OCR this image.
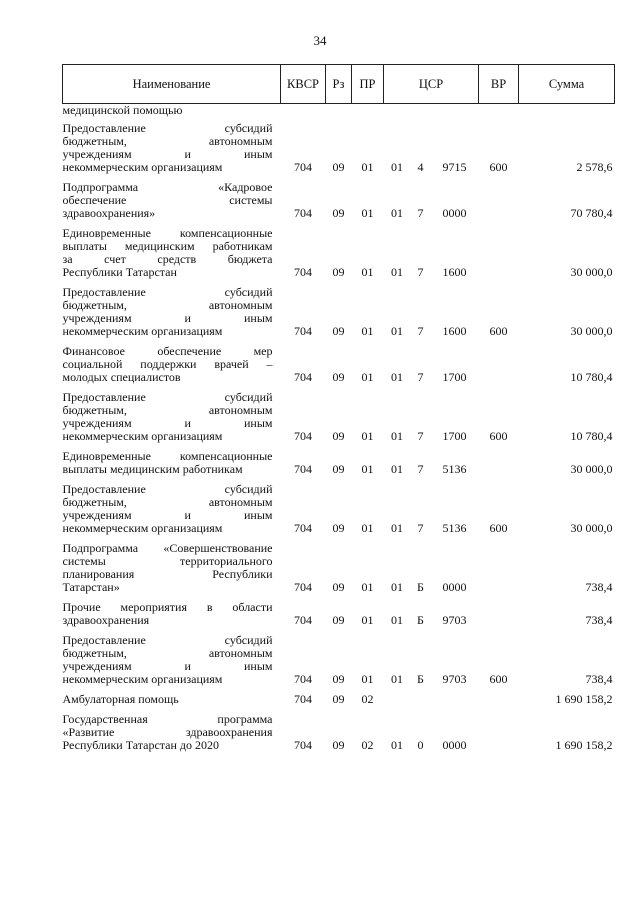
34
Наименование	КВСР	Рз	ПР	ЦСР			ВР	Сумма

медицинской помощью								

Предоставление субсидий
бюджетным, автономным
учреждениям и иным
некоммерческим организациям	704	09	01	01	4	9715	600	2 578,6

Подпрограмма «Кадровое
обеспечение системы
здравоохранения»	704	09	01	01	7	0000		70 780,4

Единовременные компенсационные
выплаты медицинским работникам
за счет средств бюджета
Республики Татарстан	704	09	01	01	7	1600		30 000,0

Предоставление субсидий
бюджетным, автономным
учреждениям и иным
некоммерческим организациям	704	09	01	01	7	1600	600	30 000,0

Финансовое обеспечение мер
социальной поддержки врачей –
молодых специалистов	704	09	01	01	7	1700		10 780,4

Предоставление субсидий
бюджетным, автономным
учреждениям и иным
некоммерческим организациям	704	09	01	01	7	1700	600	10 780,4

Единовременные компенсационные
выплаты медицинским работникам	704	09	01	01	7	5136		30 000,0

Предоставление субсидий
бюджетным, автономным
учреждениям и иным
некоммерческим организациям	704	09	01	01	7	5136	600	30 000,0

Подпрограмма «Совершенствование
системы территориального
планирования Республики
Татарстан»	704	09	01	01	Б	0000		738,4

Прочие мероприятия в области
здравоохранения	704	09	01	01	Б	9703		738,4

Предоставление субсидий
бюджетным, автономным
учреждениям и иным
некоммерческим организациям	704	09	01	01	Б	9703	600	738,4

Амбулаторная помощь	704	09	02					1 690 158,2

Государственная программа
«Развитие здравоохранения
Республики Татарстан до 2020	704	09	02	01	0	0000		1 690 158,2
